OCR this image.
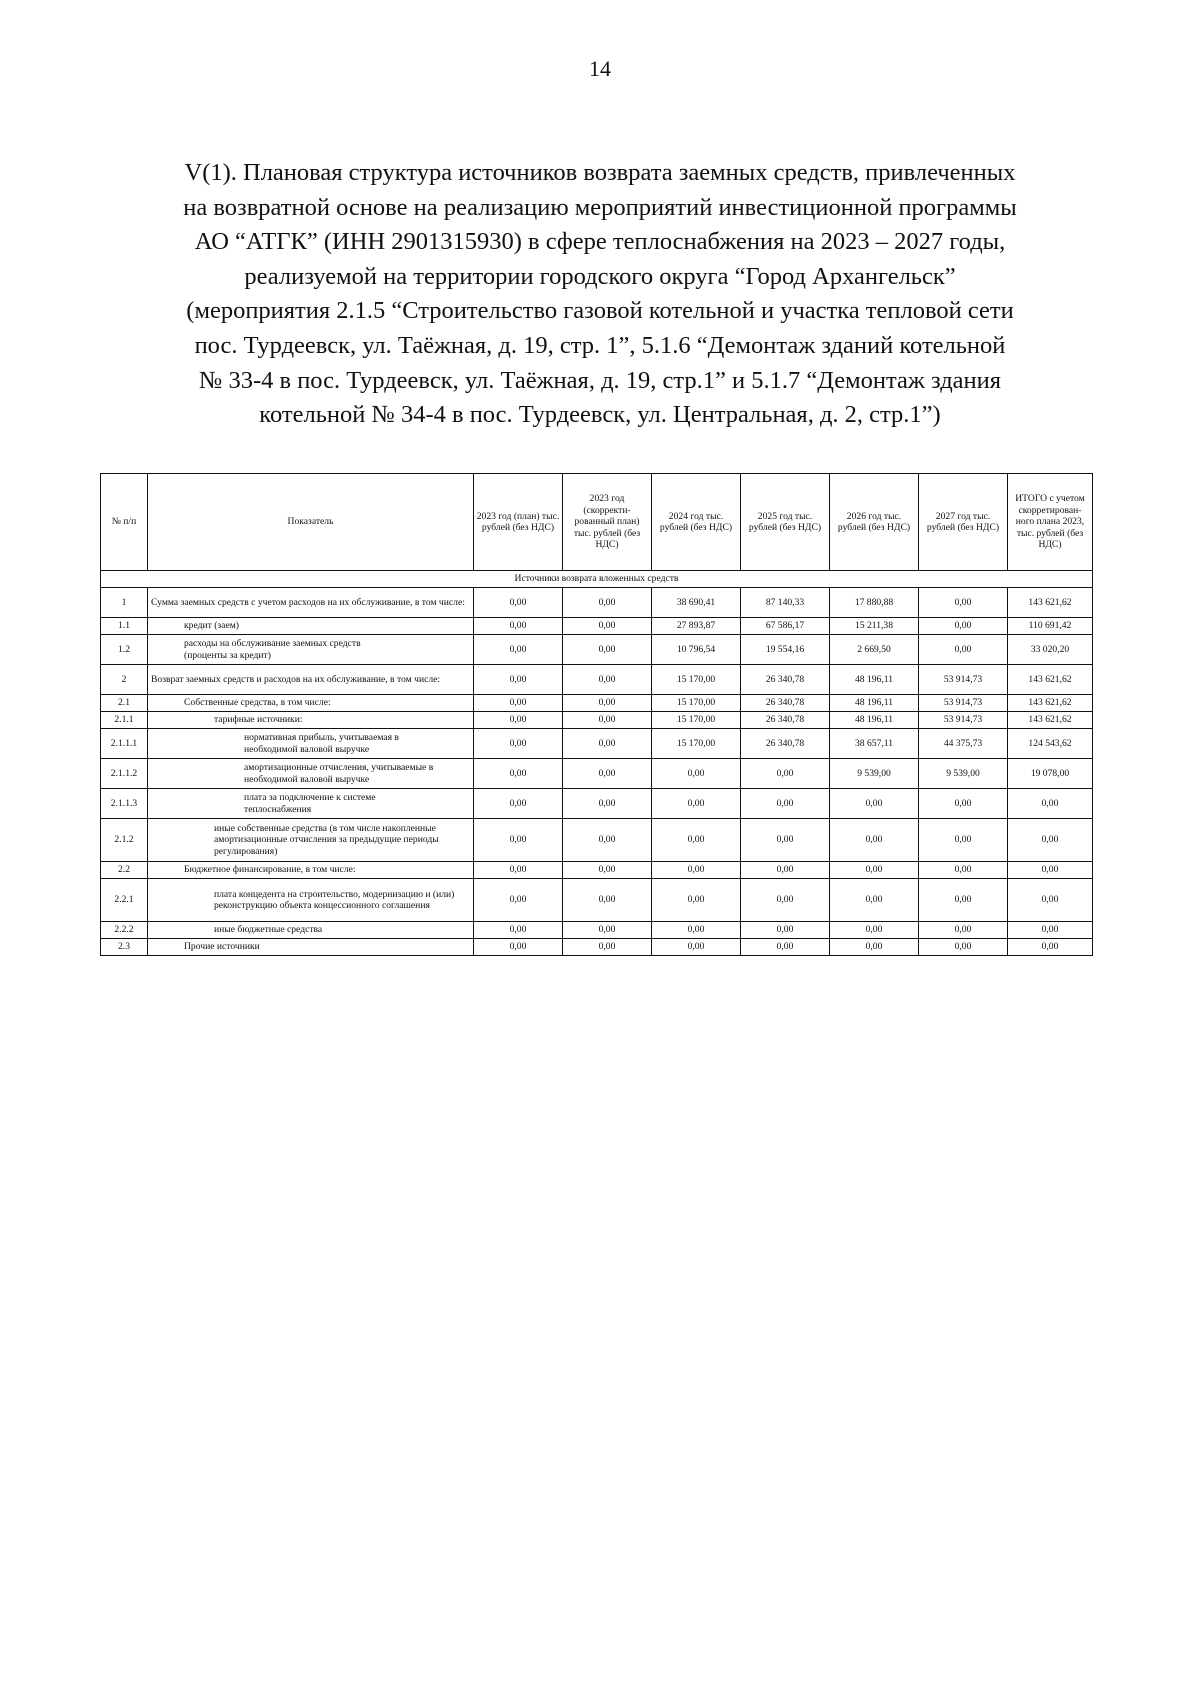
14
V(1). Плановая структура источников возврата заемных средств, привлеченных
на возвратной основе на реализацию мероприятий инвестиционной программы
АО “АТГК” (ИНН 2901315930) в сфере теплоснабжения на 2023 – 2027 годы,
реализуемой на территории городского округа “Город Архангельск”
(мероприятия 2.1.5 “Строительство газовой котельной и участка тепловой сети
пос. Турдеевск, ул. Таёжная, д. 19, стр. 1”, 5.1.6 “Демонтаж зданий котельной
№ 33-4 в пос. Турдеевск, ул. Таёжная, д. 19, стр.1” и 5.1.7 “Демонтаж здания
котельной № 34-4 в пос. Турдеевск, ул. Центральная, д. 2, стр.1”)
№ п/п	Показатель	2023 год (план) тыс. рублей (без НДС)	2023 год (скорректи- рованный план) тыс. рублей (без НДС)	2024 год тыс. рублей (без НДС)	2025 год тыс. рублей (без НДС)	2026 год тыс. рублей (без НДС)	2027 год тыс. рублей (без НДС)	ИТОГО с учетом скорретирован- ного плана 2023, тыс. рублей (без НДС)
Источники возврата вложенных средств								
1	Сумма заемных средств с учетом расходов на их обслуживание, в том числе:	0,00	0,00	38 690,41	87 140,33	17 880,88	0,00	143 621,62
1.1	кредит (заем)	0,00	0,00	27 893,87	67 586,17	15 211,38	0,00	110 691,42
1.2	расходы на обслуживание заемных средств (проценты за кредит)	0,00	0,00	10 796,54	19 554,16	2 669,50	0,00	33 020,20
2	Возврат заемных средств и расходов на их обслуживание, в том числе:	0,00	0,00	15 170,00	26 340,78	48 196,11	53 914,73	143 621,62
2.1	Собственные средства, в том числе:	0,00	0,00	15 170,00	26 340,78	48 196,11	53 914,73	143 621,62
2.1.1	тарифные источники:	0,00	0,00	15 170,00	26 340,78	48 196,11	53 914,73	143 621,62
2.1.1.1	нормативная прибыль, учитываемая в необходимой валовой выручке	0,00	0,00	15 170,00	26 340,78	38 657,11	44 375,73	124 543,62
2.1.1.2	амортизационные отчисления, учитываемые в необходимой валовой выручке	0,00	0,00	0,00	0,00	9 539,00	9 539,00	19 078,00
2.1.1.3	плата за подключение к системе теплоснабжения	0,00	0,00	0,00	0,00	0,00	0,00	0,00
2.1.2	иные собственные средства (в том числе накопленные амортизационные отчисления за предыдущие периоды регулирования)	0,00	0,00	0,00	0,00	0,00	0,00	0,00
2.2	Бюджетное финансирование, в том числе:	0,00	0,00	0,00	0,00	0,00	0,00	0,00
2.2.1	плата концедента на строительство, модернизацию и (или) реконструкцию объекта концессионного соглашения	0,00	0,00	0,00	0,00	0,00	0,00	0,00
2.2.2	иные бюджетные средства	0,00	0,00	0,00	0,00	0,00	0,00	0,00
2.3	Прочие источники	0,00	0,00	0,00	0,00	0,00	0,00	0,00
